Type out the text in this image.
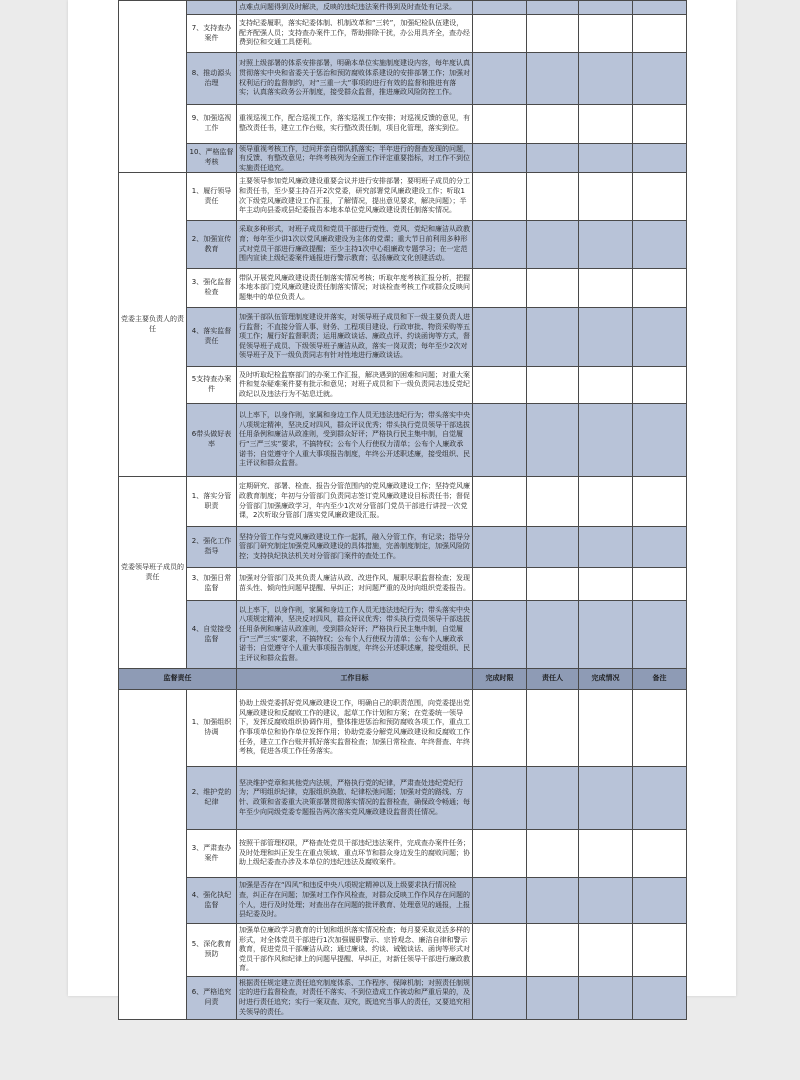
		点难点问题得到及时解决，反映的违纪违法案件得到及时查处有记录。				

	7、支持查办案件	支持纪委履职，落实纪委体制、机制改革和“三转”，加强纪检队伍建设，配齐配强人员；支持查办案件工作，帮助排除干扰，办公用具齐全，查办经费到位和交通工具便利。				

	8、推动源头治理	对照上级部署的体系安排部署，明确本单位实施制度建设内容，每年度认真贯彻落实中央和省委关于惩治和预防腐败体系建设的安排部署工作；加强对权利运行的监督制约，对“三重一大”事项的进行有效的监督和推进有落实；认真落实政务公开制度，接受群众监督，推进廉政风险防控工作。				

	9、加强巡视工作	重视巡视工作，配合巡视工作，落实巡视工作安排；对巡视反馈的意见，有整改责任书，建立工作台账，实行整改责任制，项目化管理，落实到位。				

	10、严格监督考核	领导重视考核工作，过问并亲自带队抓落实；半年进行的督查发现的问题，有反馈、有整改意见；年终考核列为全面工作评定重要指标，对工作不到位实施责任追究。				

党委主要负责人的责任	1、履行领导责任	主要领导参加党风廉政建设重要会议并进行安排部署；要明班子成员的分工和责任书，至少要主持召开2次党委，研究部署党风廉政建设工作；听取1次下级党风廉政建设工作汇报，了解情况，提出意见要求，解决问题）；半年主动向县委或县纪委报告本地本单位党风廉政建设责任制落实情况。				

	2、加强宣传教育	采取多种形式，对班子成员和党员干部进行党性、党风、党纪和廉洁从政教育；每年至少讲1次以党风廉政建设为主体的党课；重大节日前利用多种形式对党员干部进行廉政提醒；至少主持1次中心组廉政专题学习；在一定范围内宣读上级纪委案件通报进行警示教育；弘扬廉政文化创建活动。				

	3、强化监督检查	带队开展党风廉政建设责任制落实情况考核；听取年度考核汇报分析，把握本地本部门党风廉政建设责任制落实情况；对谈检查考核工作或群众反映问题集中的单位负责人。				

	4、落实监督责任	加强干部队伍管理制度建设并落实，对领导班子成员和下一级主要负责人进行监督；不直接分管人事、财务、工程项目建设、行政审批、物资采购等五项工作；履行好监督职责；运用廉政谈话、廉政点评、约谈函询等方式，督促领导班子成员、下级领导班子廉洁从政，落实一岗双责；每年至少2次对领导班子及下一级负责同志有针对性地进行廉政谈话。				

	5支持查办案件	及时听取纪检监察部门的办案工作汇报，解决遇到的困难和问题；对重大案件和复杂疑难案件要有批示和意见；对班子成员和下一级负责同志违反党纪政纪以及违法行为不姑息迁就。				

	6带头做好表率	以上率下，以身作则，家属和身边工作人员无违法违纪行为；带头落实中央八项规定精神，坚决反对四风，群众评议优秀；带头执行党员领导干部选拔任用条例和廉洁从政准则，受到群众好评；严格执行民主集中制，自觉履行“三严三实”要求，不搞特权；公布个人行使权力清单；公布个人廉政承诺书；自觉遵守个人重大事项报告制度，年终公开述职述廉，接受组织、民主评议和群众监督。				

党委领导班子成员的责任	1、落实分管职责	定期研究、部署、检查、报告分管范围内的党风廉政建设工作；坚持党风廉政教育制度；年初与分管部门负责同志签订党风廉政建设目标责任书；督促分管部门加强廉政学习，年内至少1次对分管部门党员干部进行讲授一次党课，2次听取分管部门落实党风廉政建设汇报。				

	2、强化工作指导	坚持分管工作与党风廉政建设工作一起抓，融入分管工作，有记录；指导分管部门研究制定加强党风廉政建设的具体措施，完善制度制定，加强风险防控；支持执纪执法机关对分管部门案件的查处工作。				

	3、加强日常监督	加强对分管部门及其负责人廉洁从政、改进作风、履职尽职监督检查；发现苗头性、倾向性问题早提醒、早纠正；对问题严重的及时向组织党委报告。				

	4、自觉接受监督	以上率下，以身作则，家属和身边工作人员无违法违纪行为；带头落实中央八项规定精神，坚决反对四风，群众评议优秀；带头执行党员领导干部选拔任用条例和廉洁从政准则，受到群众好评；严格执行民主集中制，自觉履行“三严三实”要求，不搞特权；公布个人行使权力清单；公布个人廉政承诺书；自觉遵守个人重大事项报告制度，年终公开述职述廉，接受组织、民主评议和群众监督。				

监督责任		工作目标	完成时限	责任人	完成情况	备注
	1、加强组织协调	协助上级党委抓好党风廉政建设工作，明确自己的职责范围，向党委提出党风廉政建设和反腐败工作的建议，起草工作计划和方案；在党委统一领导下，发挥反腐败组织协调作用，整体推进惩治和预防腐败各项工作，重点工作事项单位和协作单位发挥作用；协助党委分解党风廉政建设和反腐败工作任务，建立工作台账并抓好落实监督检查；加强日常检查、年终督查、年终考核，促进各项工作任务落实。				

	2、维护党的纪律	坚决维护党章和其他党内法规，严格执行党的纪律，严肃查处违纪党纪行为；严明组织纪律，克服组织涣散、纪律松弛问题；加强对党的路线、方针、政策和省委重大决策部署贯彻落实情况的监督检查，确保政令畅通；每年至少向同级党委专题报告两次落实党风廉政建设监督责任情况。				

	3、严肃查办案件	按照干部管理权限，严格查处党员干部违纪违法案件，完成查办案件任务；及时处理和纠正发生在重点领域、重点环节和群众身边发生的腐败问题；协助上级纪委查办涉及本单位的违纪违法及腐败案件。				

	4、强化执纪监督	加强是否存在“四风”和违反中央八项规定精神以及上级要求执行情况检查，纠正存在问题；加强对工作作风检查，对群众反映工作作风存在问题的个人，进行及时处理；对查出存在问题的批评教育、处理意见的通报，上报县纪委及时。				

	5、深化教育预防	加强单位廉政学习教育的计划和组织落实情况检查；每月要采取灵活多样的形式，对全体党员干部进行1次加强履职警示、宗旨观念、廉洁自律和警示教育，促进党员干部廉洁从政；通过廉谈、约谈、诫勉谈话、函询等形式对党员干部作风和纪律上的问题早提醒、早纠正，对新任领导干部进行廉政教育。				

	6、严格追究问责	根据责任规定建立责任追究制度体系、工作程序、保障机制；对照责任制规定的进行监督检查，对责任不落实、不到位造成工作被动和严重后果的，及时进行责任追究；实行一案双查、双究，既追究当事人的责任，又要追究相关领导的责任。				
